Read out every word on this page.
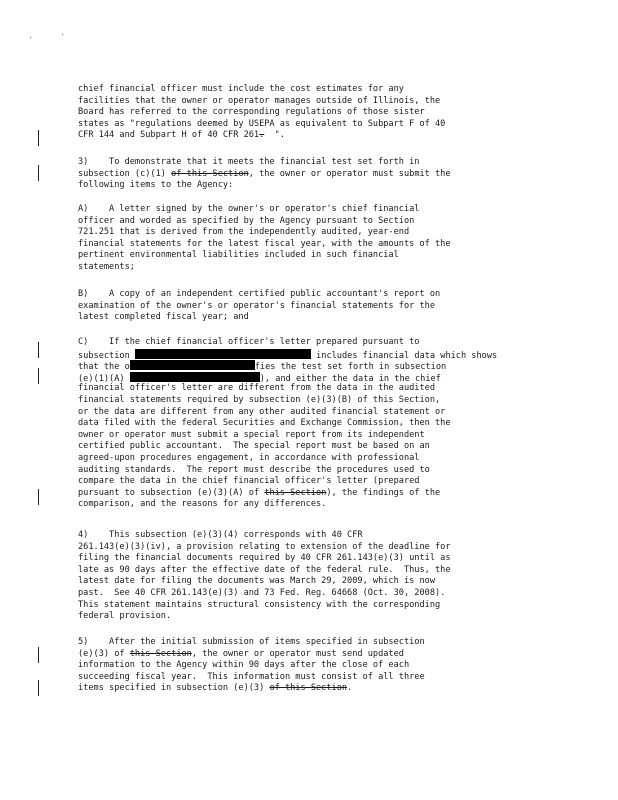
chief financial officer must include the cost estimates for any
facilities that the owner or operator manages outside of Illinois, the
Board has referred to the corresponding regulations of those sister
states as "regulations deemed by USEPA as equivalent to Subpart F of 40
CFR 144 and Subpart H of 40 CFR 261.  ".
3)    To demonstrate that it meets the financial test set forth in
subsection (c)(1) of this Section, the owner or operator must submit the
following items to the Agency:
A)    A letter signed by the owner's or operator's chief financial
officer and worded as specified by the Agency pursuant to Section
721.251 that is derived from the independently audited, year-end
financial statements for the latest fiscal year, with the amounts of the
pertinent environmental liabilities included in such financial
statements;
B)    A copy of an independent certified public accountant's report on
examination of the owner's or operator's financial statements for the
latest completed fiscal year; and
C)    If the chief financial officer's letter prepared pursuant to
subsection	includes financial data which shows
that the o	fies the test set forth in subsection
(e)(1)(A)	), and either the data in the chief
financial officer's letter are different from the data in the audited
financial statements required by subsection (e)(3)(B) of this Section,
or the data are different from any other audited financial statement or
data filed with the federal Securities and Exchange Commission, then the
owner or operator must submit a special report from its independent
certified public accountant.  The special report must be based on an
agreed-upon procedures engagement, in accordance with professional
auditing standards.  The report must describe the procedures used to
compare the data in the chief financial officer's letter (prepared
pursuant to subsection (e)(3)(A) of this Section), the findings of the
comparison, and the reasons for any differences.
4)    This subsection (e)(3)(4) corresponds with 40 CFR
261.143(e)(3)(iv), a provision relating to extension of the deadline for
filing the financial documents required by 40 CFR 261.143(e)(3) until as
late as 90 days after the effective date of the federal rule.  Thus, the
latest date for filing the documents was March 29, 2009, which is now
past.  See 40 CFR 261.143(e)(3) and 73 Fed. Reg. 64668 (Oct. 30, 2008).
This statement maintains structural consistency with the corresponding
federal provision.
5)    After the initial submission of items specified in subsection
(e)(3) of this Section, the owner or operator must send updated
information to the Agency within 90 days after the close of each
succeeding fiscal year.  This information must consist of all three
items specified in subsection (e)(3) of this Section.
